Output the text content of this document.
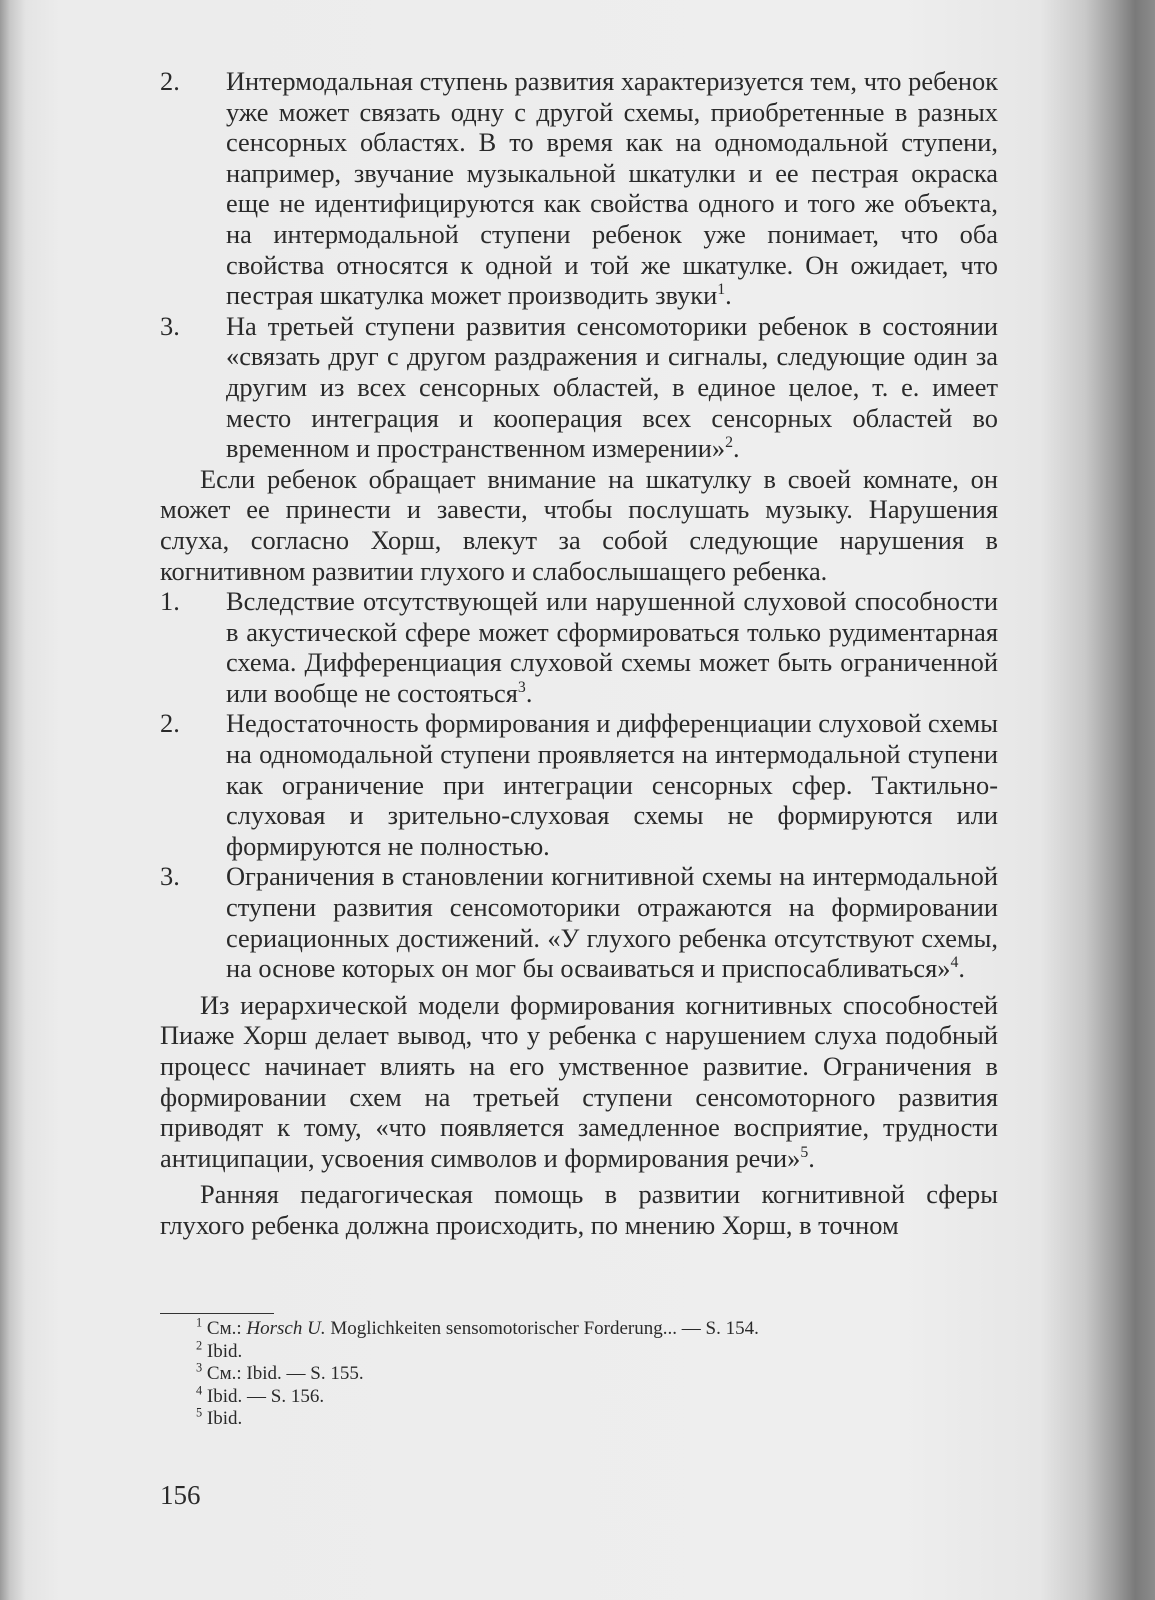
2.	Интермодальная ступень развития характеризуется тем, что ребенок уже может связать одну с другой схемы, приобретенные в разных сенсорных областях. В то время как на одномодальной ступени, например, звучание музыкальной шкатулки и ее пестрая окраска еще не идентифицируются как свойства одного и того же объекта, на интермодальной ступени ребенок уже понимает, что оба свойства относятся к одной и той же шкатулке. Он ожидает, что пестрая шкатулка может производить звуки$^1$.
3.	На третьей ступени развития сенсомоторики ребенок в состоянии «связать друг с другом раздражения и сигналы, следующие один за другим из всех сенсорных областей, в единое целое, т. е. имеет место интеграция и кооперация всех сенсорных областей во временном и пространственном измерении»$^2$.
Если ребенок обращает внимание на шкатулку в своей комнате, он может ее принести и завести, чтобы послушать музыку. Нарушения слуха, согласно Хорш, влекут за собой следующие нарушения в когнитивном развитии глухого и слабослышащего ребенка.
1.	Вследствие отсутствующей или нарушенной слуховой способности в акустической сфере может сформироваться только рудиментарная схема. Дифференциация слуховой схемы может быть ограниченной или вообще не состояться$^3$.
2.	Недостаточность формирования и дифференциации слуховой схемы на одномодальной ступени проявляется на интермодальной ступени как ограничение при интеграции сенсорных сфер. Тактильно-слуховая и зрительно-слуховая схемы не формируются или формируются не полностью.
3.	Ограничения в становлении когнитивной схемы на интермодальной ступени развития сенсомоторики отражаются на формировании сериационных достижений. «У глухого ребенка отсутствуют схемы, на основе которых он мог бы осваиваться и приспосабливаться»$^4$.
Из иерархической модели формирования когнитивных способностей Пиаже Хорш делает вывод, что у ребенка с нарушением слуха подобный процесс начинает влиять на его умственное развитие. Ограничения в формировании схем на третьей ступени сенсомоторного развития приводят к тому, «что появляется замедленное восприятие, трудности антиципации, усвоения символов и формирования речи»$^5$.
Ранняя педагогическая помощь в развитии когнитивной сферы глухого ребенка должна происходить, по мнению Хорш, в точном
$^1$ См.: Horsch U. Moglichkeiten sensomotorischer Forderung... — S. 154.
$^2$ Ibid.
$^3$ См.: Ibid. — S. 155.
$^4$ Ibid. — S. 156.
$^5$ Ibid.
156
